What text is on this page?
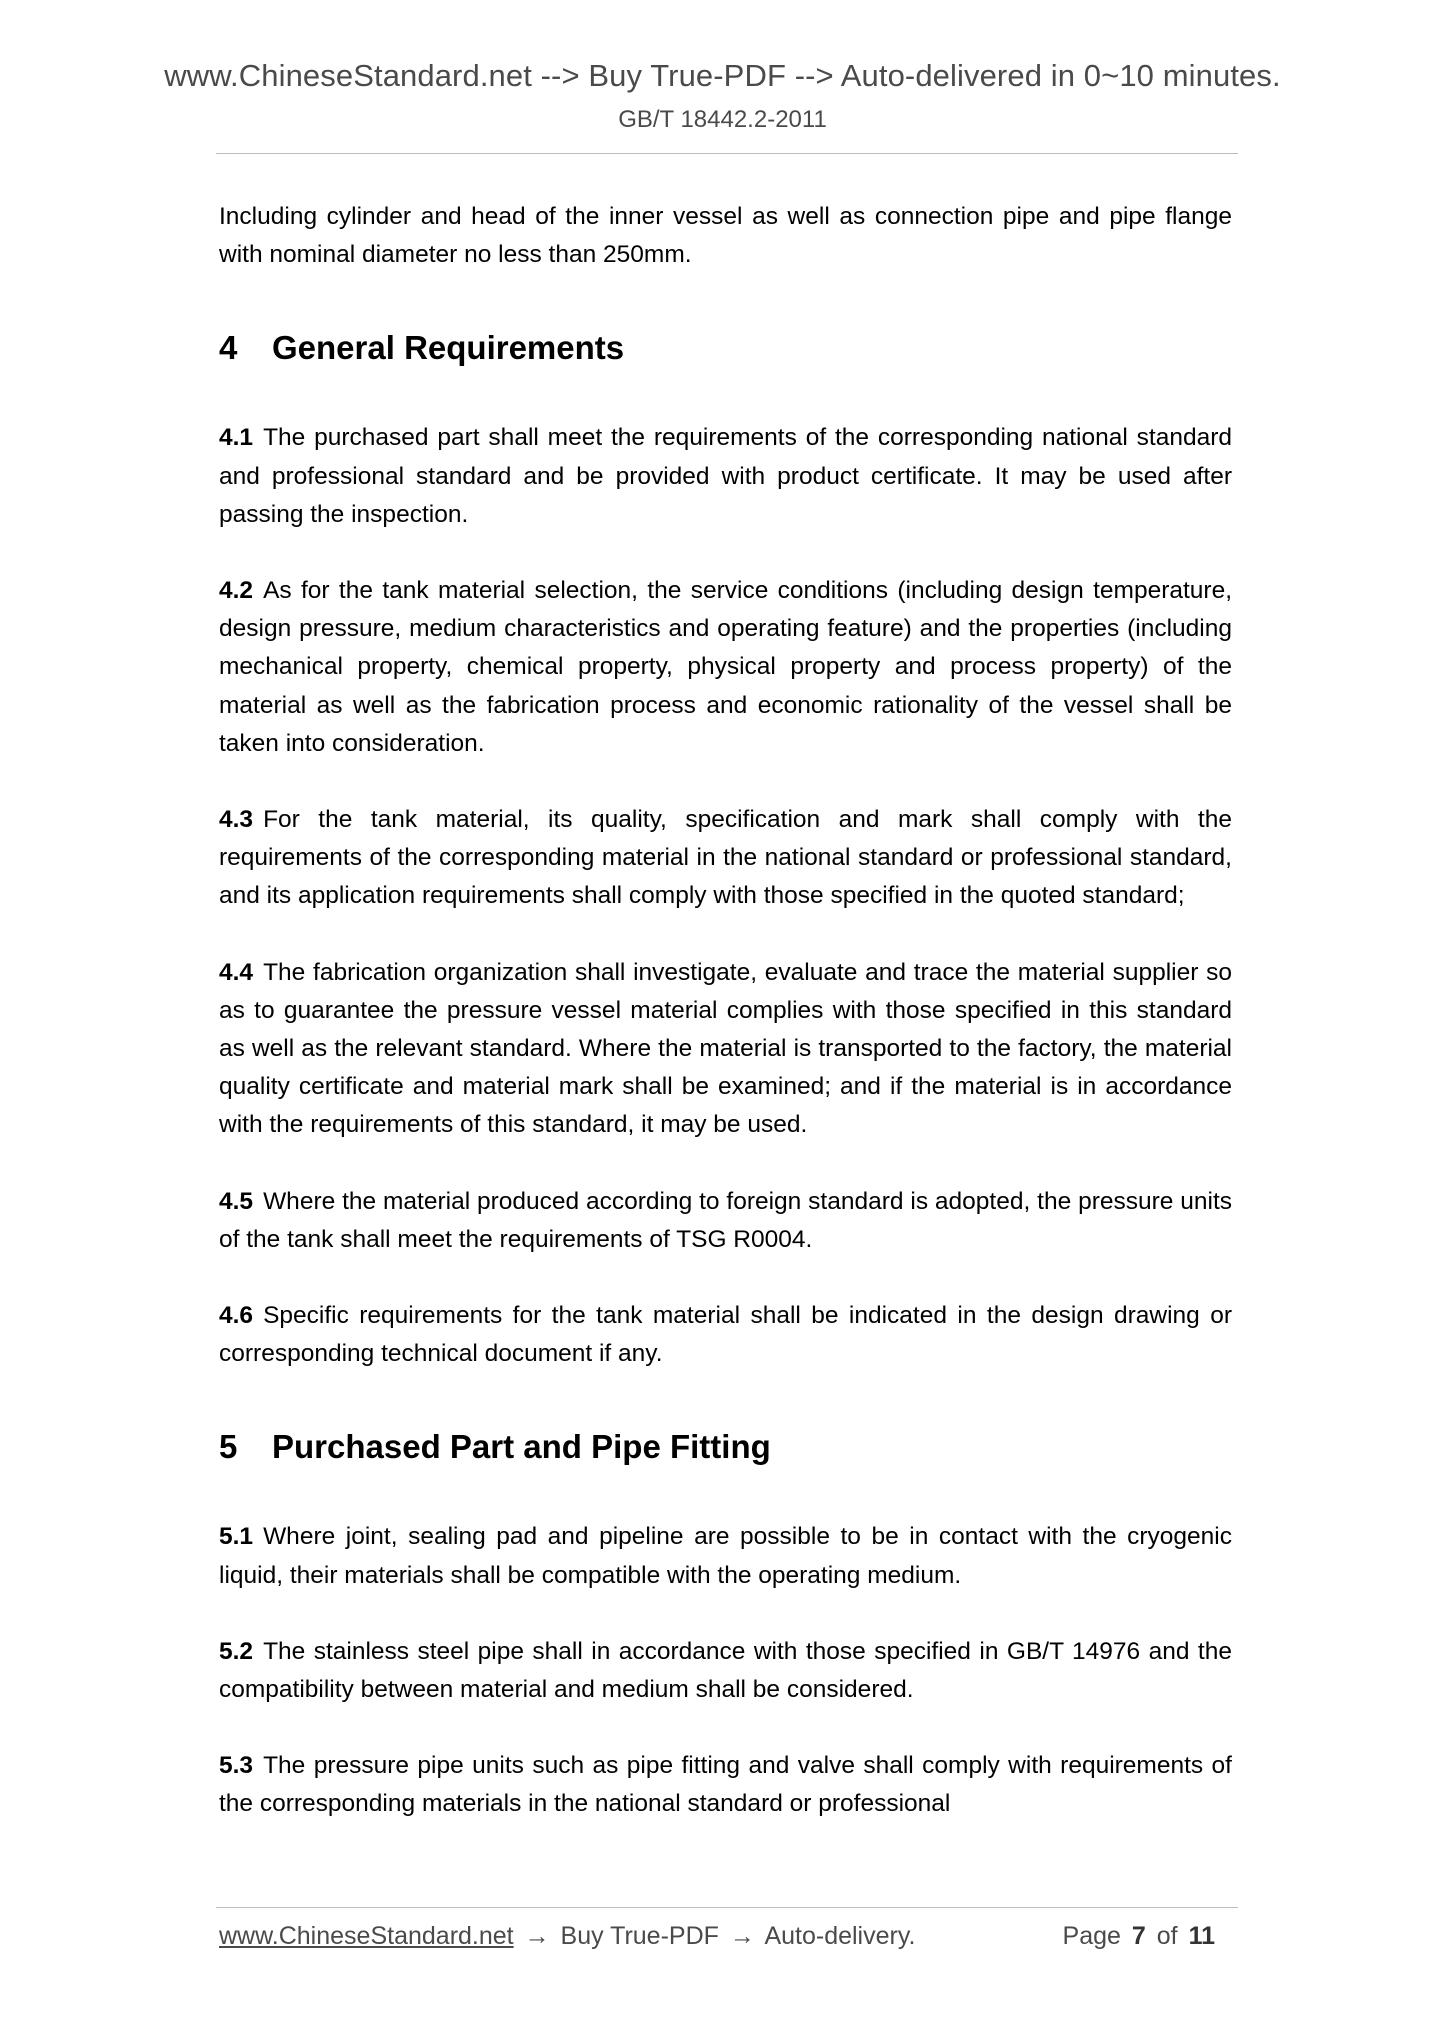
www.ChineseStandard.net --> Buy True-PDF --> Auto-delivered in 0~10 minutes.
GB/T 18442.2-2011

Including cylinder and head of the inner vessel as well as connection pipe and pipe flange with nominal diameter no less than 250mm.

4 General Requirements

4.1 The purchased part shall meet the requirements of the corresponding national standard and professional standard and be provided with product certificate. It may be used after passing the inspection.

4.2 As for the tank material selection, the service conditions (including design temperature, design pressure, medium characteristics and operating feature) and the properties (including mechanical property, chemical property, physical property and process property) of the material as well as the fabrication process and economic rationality of the vessel shall be taken into consideration.

4.3 For the tank material, its quality, specification and mark shall comply with the requirements of the corresponding material in the national standard or professional standard, and its application requirements shall comply with those specified in the quoted standard;

4.4 The fabrication organization shall investigate, evaluate and trace the material supplier so as to guarantee the pressure vessel material complies with those specified in this standard as well as the relevant standard. Where the material is transported to the factory, the material quality certificate and material mark shall be examined; and if the material is in accordance with the requirements of this standard, it may be used.

4.5 Where the material produced according to foreign standard is adopted, the pressure units of the tank shall meet the requirements of TSG R0004.

4.6 Specific requirements for the tank material shall be indicated in the design drawing or corresponding technical document if any.

5 Purchased Part and Pipe Fitting

5.1 Where joint, sealing pad and pipeline are possible to be in contact with the cryogenic liquid, their materials shall be compatible with the operating medium.

5.2 The stainless steel pipe shall in accordance with those specified in GB/T 14976 and the compatibility between material and medium shall be considered.

5.3 The pressure pipe units such as pipe fitting and valve shall comply with requirements of the corresponding materials in the national standard or professional

www.ChineseStandard.net → Buy True-PDF → Auto-delivery.	Page 7 of 11
